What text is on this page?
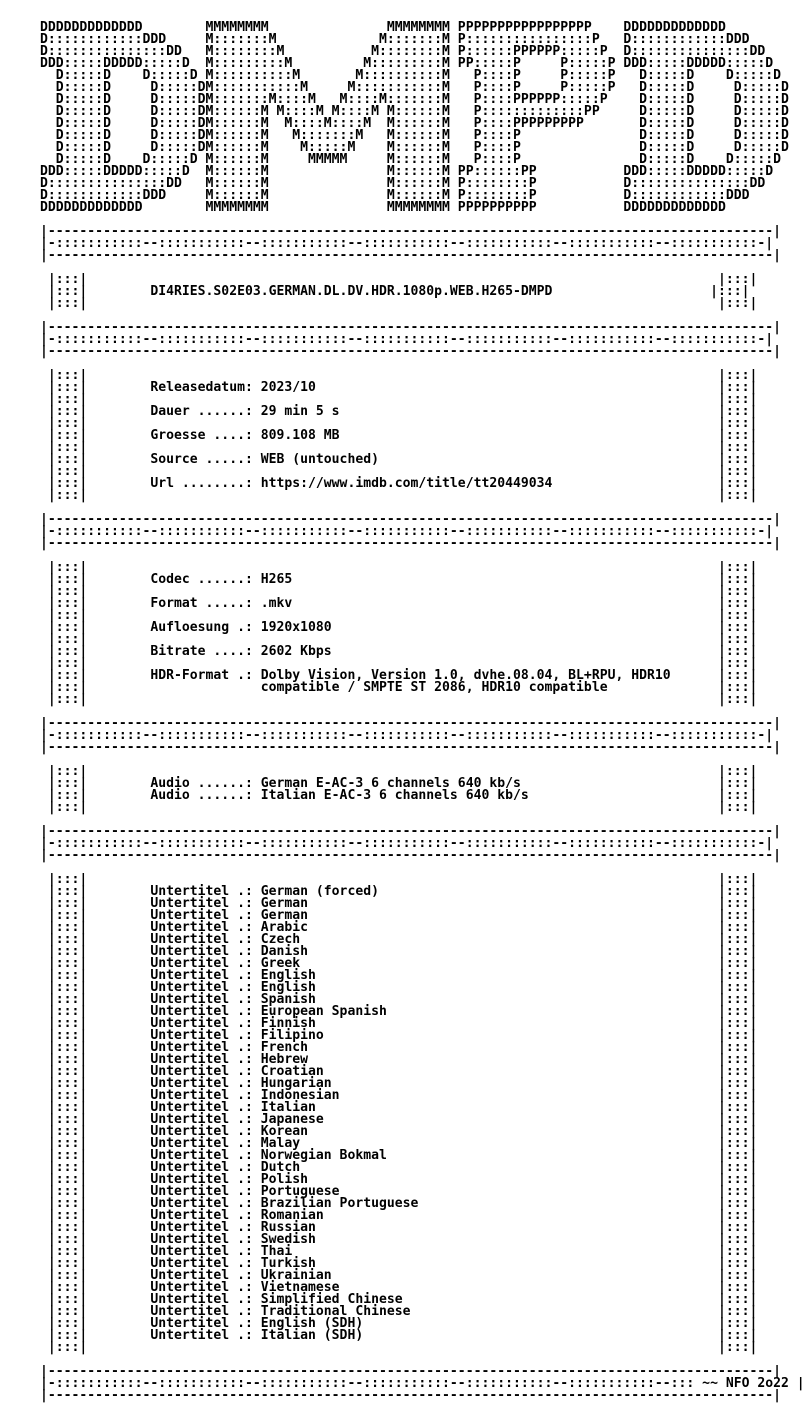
DDDDDDDDDDDDD        MMMMMMMM               MMMMMMMM PPPPPPPPPPPPPPPPP    DDDDDDDDDDDDD
D::::::::::::DDD     M:::::::M             M:::::::M P::::::::::::::::P   D::::::::::::DDD
D:::::::::::::::DD   M::::::::M           M::::::::M P::::::PPPPPP:::::P  D:::::::::::::::DD
DDD:::::DDDDD:::::D  M:::::::::M         M:::::::::M PP:::::P     P:::::P DDD:::::DDDDD:::::D
D:::::D    D:::::D M::::::::::M       M::::::::::M   P::::P     P:::::P   D:::::D    D:::::D
D:::::D     D:::::DM:::::::::::M     M:::::::::::M   P::::P     P:::::P   D:::::D     D:::::D
D:::::D     D:::::DM:::::::M::::M   M::::M:::::::M   P::::PPPPPP:::::P    D:::::D     D:::::D
D:::::D     D:::::DM::::::M M::::M M::::M M::::::M   P:::::::::::::PP     D:::::D     D:::::D
D:::::D     D:::::DM::::::M  M::::M::::M  M::::::M   P::::PPPPPPPPP       D:::::D     D:::::D
D:::::D     D:::::DM::::::M   M:::::::M   M::::::M   P::::P               D:::::D     D:::::D
D:::::D     D:::::DM::::::M    M:::::M    M::::::M   P::::P               D:::::D     D:::::D
D:::::D    D:::::D M::::::M     MMMMM     M::::::M   P::::P               D:::::D    D:::::D
DDD:::::DDDDD:::::D  M::::::M               M::::::M PP::::::PP           DDD:::::DDDDD:::::D
D:::::::::::::::DD   M::::::M               M::::::M P::::::::P           D:::::::::::::::DD
D::::::::::::DDD     M::::::M               M::::::M P::::::::P           D::::::::::::DDD
DDDDDDDDDDDDD        MMMMMMMM               MMMMMMMM PPPPPPPPPP           DDDDDDDDDDDDD
|--------------------------------------------------------------------------------------------|
|-:::::::::::--:::::::::::--:::::::::::--:::::::::::--:::::::::::--:::::::::::--:::::::::::-|
|--------------------------------------------------------------------------------------------|
|:::|                                                                                |:::|
|:::|        DI4RIES.S02E03.GERMAN.DL.DV.HDR.1080p.WEB.H265-DMPD                    |:::|
|:::|                                                                                |:::|
|--------------------------------------------------------------------------------------------|
|-:::::::::::--:::::::::::--:::::::::::--:::::::::::--:::::::::::--:::::::::::--:::::::::::-|
|--------------------------------------------------------------------------------------------|
|:::|                                                                                |:::|
|:::|        Releasedatum: 2023/10                                                   |:::|
|:::|                                                                                |:::|
|:::|        Dauer ......: 29 min 5 s                                                |:::|
|:::|                                                                                |:::|
|:::|        Groesse ....: 809.108 MB                                                |:::|
|:::|                                                                                |:::|
|:::|        Source .....: WEB (untouched)                                           |:::|
|:::|                                                                                |:::|
|:::|        Url ........: https://www.imdb.com/title/tt20449034                     |:::|
|:::|                                                                                |:::|
|--------------------------------------------------------------------------------------------|
|-:::::::::::--:::::::::::--:::::::::::--:::::::::::--:::::::::::--:::::::::::--:::::::::::-|
|--------------------------------------------------------------------------------------------|
|:::|                                                                                |:::|
|:::|        Codec ......: H265                                                      |:::|
|:::|                                                                                |:::|
|:::|        Format .....: .mkv                                                      |:::|
|:::|                                                                                |:::|
|:::|        Aufloesung .: 1920x1080                                                 |:::|
|:::|                                                                                |:::|
|:::|        Bitrate ....: 2602 Kbps                                                 |:::|
|:::|                                                                                |:::|
|:::|        HDR-Format .: Dolby Vision, Version 1.0, dvhe.08.04, BL+RPU, HDR10      |:::|
|:::|                      compatible / SMPTE ST 2086, HDR10 compatible              |:::|
|:::|                                                                                |:::|
|--------------------------------------------------------------------------------------------|
|-:::::::::::--:::::::::::--:::::::::::--:::::::::::--:::::::::::--:::::::::::--:::::::::::-|
|--------------------------------------------------------------------------------------------|
|:::|                                                                                |:::|
|:::|        Audio ......: German E-AC-3 6 channels 640 kb/s                         |:::|
|:::|        Audio ......: Italian E-AC-3 6 channels 640 kb/s                        |:::|
|:::|                                                                                |:::|
|--------------------------------------------------------------------------------------------|
|-:::::::::::--:::::::::::--:::::::::::--:::::::::::--:::::::::::--:::::::::::--:::::::::::-|
|--------------------------------------------------------------------------------------------|
|:::|                                                                                |:::|
|:::|        Untertitel .: German (forced)                                           |:::|
|:::|        Untertitel .: German                                                    |:::|
|:::|        Untertitel .: German                                                    |:::|
|:::|        Untertitel .: Arabic                                                    |:::|
|:::|        Untertitel .: Czech                                                     |:::|
|:::|        Untertitel .: Danish                                                    |:::|
|:::|        Untertitel .: Greek                                                     |:::|
|:::|        Untertitel .: English                                                   |:::|
|:::|        Untertitel .: English                                                   |:::|
|:::|        Untertitel .: Spanish                                                   |:::|
|:::|        Untertitel .: European Spanish                                          |:::|
|:::|        Untertitel .: Finnish                                                   |:::|
|:::|        Untertitel .: Filipino                                                  |:::|
|:::|        Untertitel .: French                                                    |:::|
|:::|        Untertitel .: Hebrew                                                    |:::|
|:::|        Untertitel .: Croatian                                                  |:::|
|:::|        Untertitel .: Hungarian                                                 |:::|
|:::|        Untertitel .: Indonesian                                                |:::|
|:::|        Untertitel .: Italian                                                   |:::|
|:::|        Untertitel .: Japanese                                                  |:::|
|:::|        Untertitel .: Korean                                                    |:::|
|:::|        Untertitel .: Malay                                                     |:::|
|:::|        Untertitel .: Norwegian Bokmal                                          |:::|
|:::|        Untertitel .: Dutch                                                     |:::|
|:::|        Untertitel .: Polish                                                    |:::|
|:::|        Untertitel .: Portuguese                                                |:::|
|:::|        Untertitel .: Brazilian Portuguese                                      |:::|
|:::|        Untertitel .: Romanian                                                  |:::|
|:::|        Untertitel .: Russian                                                   |:::|
|:::|        Untertitel .: Swedish                                                   |:::|
|:::|        Untertitel .: Thai                                                      |:::|
|:::|        Untertitel .: Turkish                                                   |:::|
|:::|        Untertitel .: Ukrainian                                                 |:::|
|:::|        Untertitel .: Vietnamese                                                |:::|
|:::|        Untertitel .: Simplified Chinese                                        |:::|
|:::|        Untertitel .: Traditional Chinese                                       |:::|
|:::|        Untertitel .: English (SDH)                                             |:::|
|:::|        Untertitel .: Italian (SDH)                                             |:::|
|:::|                                                                                |:::|
|--------------------------------------------------------------------------------------------|
|-:::::::::::--:::::::::::--:::::::::::--:::::::::::--:::::::::::--:::::::::::--::: ~~ NFO 2o22 |
|--------------------------------------------------------------------------------------------|
